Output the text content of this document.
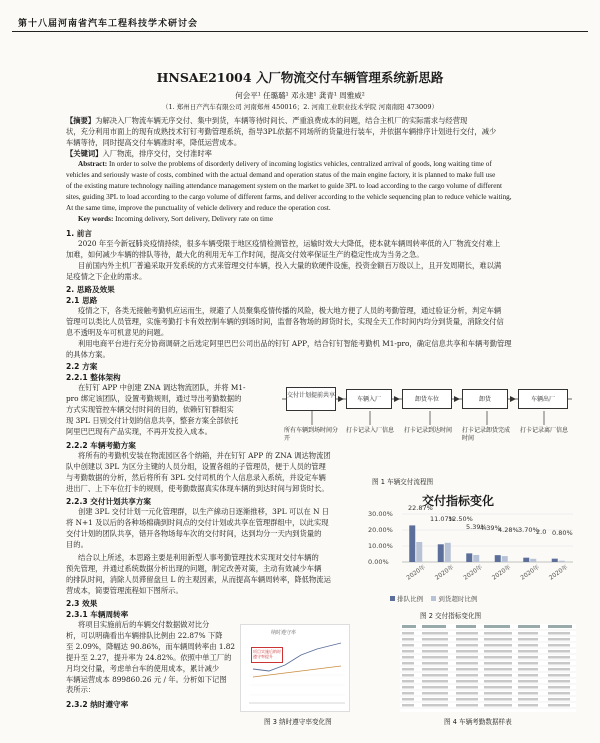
第十八届河南省汽车工程科技学术研讨会
HNSAE21004 入厂物流交付车辆管理系统新思路
何会平¹ 任璐璐¹ 邓永建¹ 龚青¹ 周雅威²
（1. 郑州日产汽车有限公司 河南郑州 450016；2. 河南工业职业技术学院 河南南阳 473009）
【摘要】为解决入厂物流车辆无序交付、集中到货，车辆等待时间长、严重浪费成本的问题，结合主机厂的实际需求与经营现
状，充分利用市面上的现有成熟技术钉钉考勤管理系统，指导3PL依据不同场所的货量进行装车，并依据车辆排序计划进行交付，减少
车辆等待，同时提高交付车辆准时率，降低运营成本。
【关键词】入厂物流，排序交付，交付准时率
Abstract: In order to solve the problems of disorderly delivery of incoming logistics vehicles, centralized arrival of goods, long waiting time of
vehicles and seriously waste of costs, combined with the actual demand and operation status of the main engine factory, it is planned to make full use
of the existing mature technology nailing attendance management system on the market to guide 3PL to load according to the cargo volume of different
sites, guiding 3PL to load according to the cargo volume of different farms, and deliver according to the vehicle sequencing plan to reduce vehicle waiting,
At the same time, improve the punctuality of vehicle delivery and reduce the operation cost.
Key words: Incoming delivery, Sort delivery, Delivery rate on time
1. 前言
2020 年至今新冠肺炎疫情持续，很多车辆受限于地区疫情检测管控，运输时效大大降低，使本就车辆周转率低的入厂物流交付难上
加难，如何减少车辆的排队等待，最大化的利用无车工作时间，提高交付效率保证生产的稳定性成为当务之急。
目前国内外主机厂普遍采取开发系统的方式来管理交付车辆，投入大量的软硬件设施，投资金额百万级以上，且开发周期长，难以满
足疫情之下企业的需求。
2. 思路及效果
2.1 思路
疫情之下，各类无接触考勤机应运而生，规避了人员聚集疫情传播的风险，极大地方便了人员的考勤管理，通过验证分析，判定车辆
管理可以类比人员管理，实施考勤打卡有效控制车辆的到场时间，监督各物场的卸货时长，实现全天工作时间内均分到货量，消除交付信
息不透明及车可机意见的问题。
利用电商平台进行充分协商调研之后选定阿里巴巴公司出品的钉钉 APP，结合钉钉智能考勤机 M1-pro，确定信息共享和车辆考勤管理
的具体方案。
2.2 方案
2.2.1 整体架构
在钉钉 APP 中创建 ZNA 调达物流团队，并将 M1-
pro 绑定该团队，设置考勤规则，通过导出考勤数据的
方式实现管控车辆交付时间的目的，依赖钉钉群组实
现 3PL 日别交付计划的信息共享，整套方案全部依托
阿里巴巴现有产品实现，不再开发投入成本。
2.2.2 车辆考勤方案
将所有的考勤机安装在物流园区各个纳箱，并在钉钉 APP 的 ZNA 调达物流团
队中创建以 3PL 为区分主键的人员分组，设置各组的子管理员，便于人员的管理
与考勤数据的分析，然后将所有 3PL 交付司机的个人信息录入系统，并设定车辆
进出厂、上下车位打卡的规则，使考勤数据真实体现车辆的到达时间与卸货时长。
2.2.3 交付计划共享方案
创建 3PL 交付计划一元化管理群，以生产線动日逐渐推移，3PL 可以在 N 日
将 N+1 及以后的各种场棉确到时间点的交付计划或共享在管理群组中，以此实现
交付计划的团队共享，错开各物场每车次的交付时间，达到均分一天内到货量的
目的。
结合以上所述，本思路主要是利用新型人事考勤管理技术实现对交付车辆的
预先管理，并通过系统数据分析出现的问题，制定改善对策，主动有效减少车辆
的排队时间，消除人员滞留盘旦 L 的主观因素，从而提高车辆周转率，降低物流运
营成本，简要管理流程如下图所示。
2.3 效果
2.3.1 车辆周转率
将项目实施前后的车辆交付数据做对比分
析，可以明确看出车辆排队比例由 22.87% 下降
至 2.09%，降幅达 90.86%，而车辆周转率由 1.82
提升至 2.27，提升率为 24.82%。依照中单工厂的
月均交付量，考虑单台车的使用成本，累计减少
车辆运营成本 899860.26 元 / 年。分析如下记图
表所示：
2.3.2 纳时遵守率
交付计划提前共享
车辆入厂	卸货车位	卸货	车辆出厂
所有车辆到场时间分开
打卡记录入厂信息 打卡记录到达时间	打卡记录卸货完成时间
打卡记录离厂信息
图 1 车辆交付流程图
交付指标变化
30.00%
20.00%
10.00%
0.00%
22.87%
11.07%
12.50%
5.39%
4.39%
4.28% 3.70%
2.0 0.80%
2020年 2020年 2020年 2020年 2020年 2020年
排队比例 到货超时比例
图 2 交付指标变化图
纳时遵守率
项目实施后纳时遵守率提升
图 3 纳时遵守率变化图	图 4 车辆考勤数据样表
